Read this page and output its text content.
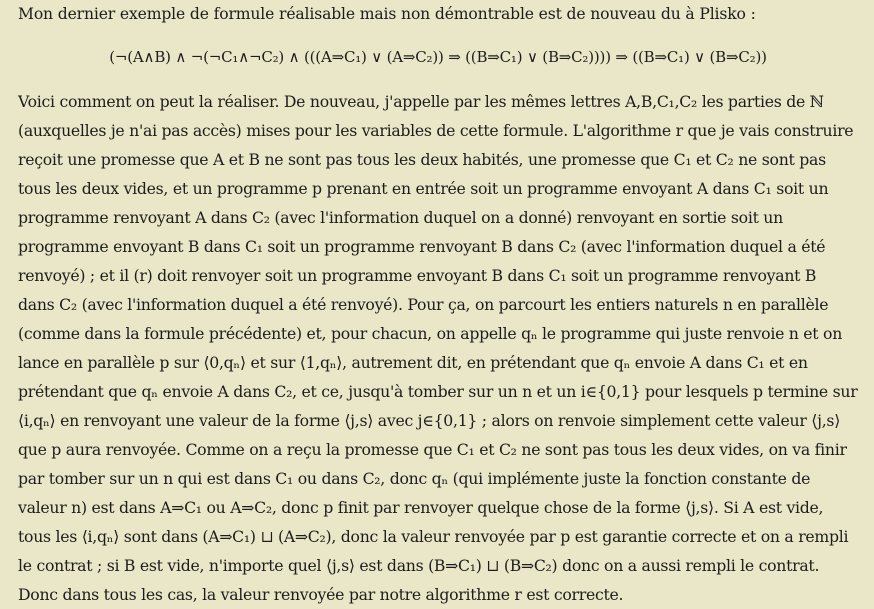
Mon dernier exemple de formule réalisable mais non démontrable est de nouveau du à Plisko :

(¬(A∧B) ∧ ¬(¬C₁∧¬C₂) ∧ (((A⇒C₁) ∨ (A⇒C₂)) ⇒ ((B⇒C₁) ∨ (B⇒C₂)))) ⇒ ((B⇒C₁) ∨ (B⇒C₂))

Voici comment on peut la réaliser. De nouveau, j'appelle par les mêmes lettres A,B,C₁,C₂ les parties de ℕ
(auxquelles je n'ai pas accès) mises pour les variables de cette formule. L'algorithme r que je vais construire
reçoit une promesse que A et B ne sont pas tous les deux habités, une promesse que C₁ et C₂ ne sont pas
tous les deux vides, et un programme p prenant en entrée soit un programme envoyant A dans C₁ soit un
programme renvoyant A dans C₂ (avec l'information duquel on a donné) renvoyant en sortie soit un
programme envoyant B dans C₁ soit un programme renvoyant B dans C₂ (avec l'information duquel a été
renvoyé) ; et il (r) doit renvoyer soit un programme envoyant B dans C₁ soit un programme renvoyant B
dans C₂ (avec l'information duquel a été renvoyé). Pour ça, on parcourt les entiers naturels n en parallèle
(comme dans la formule précédente) et, pour chacun, on appelle qₙ le programme qui juste renvoie n et on
lance en parallèle p sur ⟨0,qₙ⟩ et sur ⟨1,qₙ⟩, autrement dit, en prétendant que qₙ envoie A dans C₁ et en
prétendant que qₙ envoie A dans C₂, et ce, jusqu'à tomber sur un n et un i∈{0,1} pour lesquels p termine sur
⟨i,qₙ⟩ en renvoyant une valeur de la forme ⟨j,s⟩ avec j∈{0,1} ; alors on renvoie simplement cette valeur ⟨j,s⟩
que p aura renvoyée. Comme on a reçu la promesse que C₁ et C₂ ne sont pas tous les deux vides, on va finir
par tomber sur un n qui est dans C₁ ou dans C₂, donc qₙ (qui implémente juste la fonction constante de
valeur n) est dans A⇒C₁ ou A⇒C₂, donc p finit par renvoyer quelque chose de la forme ⟨j,s⟩. Si A est vide,
tous les ⟨i,qₙ⟩ sont dans (A⇒C₁) ⊔ (A⇒C₂), donc la valeur renvoyée par p est garantie correcte et on a rempli
le contrat ; si B est vide, n'importe quel ⟨j,s⟩ est dans (B⇒C₁) ⊔ (B⇒C₂) donc on a aussi rempli le contrat.
Donc dans tous les cas, la valeur renvoyée par notre algorithme r est correcte.
